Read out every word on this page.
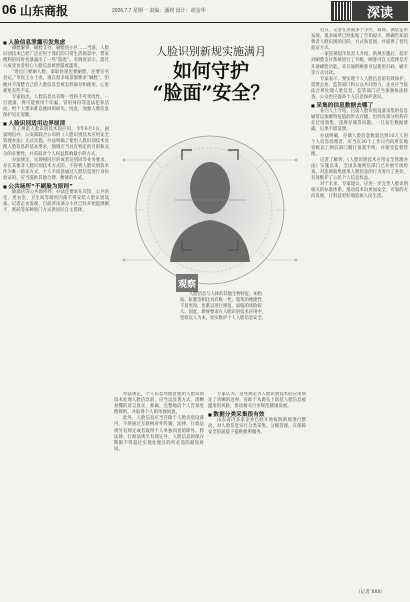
06 山东商报	2026.7.7 星期一 责编：潘莉 设计：胡金华	深读

■ 人脸信息泄露引发焦虑

刷脸解锁、刷脸支付、刷脸进小区……当前，人脸识别技术已经广泛应用于我们的日常生活场景中，带来便利的同时也暴露出了一些“隐患”。有调查显示，超过六成受访者担心人脸信息被泄露或滥用。

“进出门要刷人脸，拿取快递也要刷脸，还要实名登记。”市民王女士说，现在很多场景都要求“刷脸”，但她并不清楚自己的人脸信息会被怎样保存和使用，心里难免有些不安。

专家指出，人脸信息具有唯一性和不可更改性，一旦泄露，将可能被用于诈骗、冒用身份等违法犯罪活动，给个人带来难以挽回的损失。因此，加强人脸信息保护迫在眉睫。

■ 人脸识别适用边界厘清

为了规范人脸识别技术的应用，今年6月1日，国家网信办、公安部联合公布的《人脸识别技术应用安全管理办法》正式实施。办法明确了使用人脸识别技术处理人脸信息的基本要求，强调应当具有特定的目的和充分的必要性，并采取对个人权益影响最小的方式。

办法规定，实现相同目的或者达到同等业务要求，存在其他非人脸识别技术方式的，不得将人脸识别技术作为唯一验证方式。个人不同意通过人脸信息进行身份验证的，应当提供其他合理、便捷的方式。

■ 公共场所“不刷脸为原则”

除酒店等公共场所外，办法还要求在宾馆、公共浴室、更衣室、卫生间等场所内部不得安装人脸识别设备。记者走访发现，目前济南部分小区已经开始提供刷卡、密码等多种进门方式供居民自主选择。

人脸识别新规实施满月
如何守护
“脸面”安全？
观察
人脸信息与人体的其他生物特征，如指纹、虹膜等相比具有唯一性、收集的便捷性、不易更改，也难以进行修复，面临的风险较大。因此，新规要求在人脸识别技术应用中，坚持以人为本，切实维护个人人脸信息安全。

办法规定，个人信息处理者使用人脸识别技术处理人脸信息前，应当以显著方式、清晰易懂的语言真实、准确、完整地向个人告知处理规则，并取得个人的单独同意。

此外，人脸信息应当存储于人脸识别设备内，不得通过互联网对外传输，法律、行政法规另有规定或者取得个人单独同意的除外。除法律、行政法规另有规定外，人脸信息的保存期限不得超过实现处理目的所必需的最短时间。

专家认为，这些规定为人脸识别技术的应用划定了清晰的边界，有助于从源头上防范人脸信息被滥用的风险，推动相关行业规范健康发展。

■ 数据分类采集很有效

山东省内多家企业已经开始按照新规进行整改，对人脸信息实行分类采集、分级管理，在保障安全的前提下提供便利服务。

近日，记者在济南多个小区、商场、酒店走访发现，很多场所已经张贴了告知提示，明确告知消费者人脸识别的目的、方式和范围，并提供了替代验证方式。

一家连锁超市负责人介绍，新规实施后，超市对刷脸支付系统进行了升级，顾客可自主选择是否开通刷脸功能，未开通的顾客可以使用扫码、刷卡等方式付款。

专家表示，要实现个人人脸信息的有效保护，需要企业、监管部门和公众共同努力。企业应当依法合规处理人脸信息，监管部门应当加强执法检查，公众也应提高个人信息保护意识。

■ 采集的信息数据去哪了

业内人士介绍，目前人脸识别设备采集的信息通常以加密特征值的形式存储，但仍有部分机构存在过度收集、违规存储等问题。一旦发生数据泄露，后果不堪设想。

办法明确，存储人脸信息数量达到10万人的个人信息处理者，应当在30个工作日内向所在地省级以上网信部门履行备案手续，并接受监督管理。

记者了解到，《人脸识别技术应用安全管理办法》实施以来，全国多地网信部门已开展专项检查，对违规收集使用人脸信息的行为进行了查处，有效维护了公民个人信息权益。

对于未来，专家建议，应进一步完善人脸识别相关的标准体系，推动技术向更加安全、可靠的方向发展，让科技更好地造福人民生活。

（记者 XXX）
